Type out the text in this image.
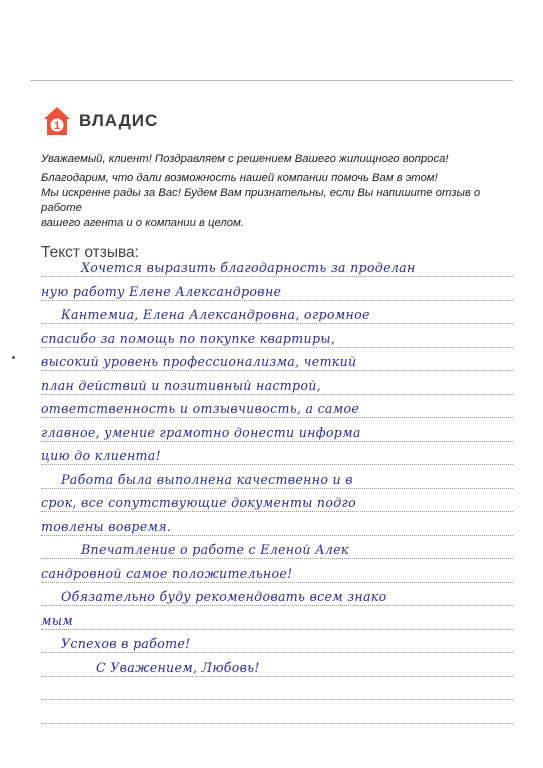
1 ВЛАДИС

Уважаемый, клиент! Поздравляем с решением Вашего жилищного вопроса!

Благодарим, что дали возможность нашей компании помочь Вам в этом!

Мы искренне рады за Вас! Будем Вам признательны, если Вы напишите отзыв о работе

вашего агента и о компании в целом.

Текст отзыва:
Хочется выразить благодарность за проделан
ную работу Елене Александровне
Кантемиа, Елена Александровна, огромное
спасибо за помощь по покупке квартиры,
высокий уровень профессионализма, четкий
план действий и позитивный настрой,
ответственность и отзывчивость, а самое
главное, умение грамотно донести информа
цию до клиента!
Работа была выполнена качественно и в
срок, все сопутствующие документы подго
товлены вовремя.
Впечатление о работе с Еленой Алек
сандровной самое положительное!
Обязательно буду рекомендовать всем знако
мым
Успехов в работе!
С Уважением, Любовь!
